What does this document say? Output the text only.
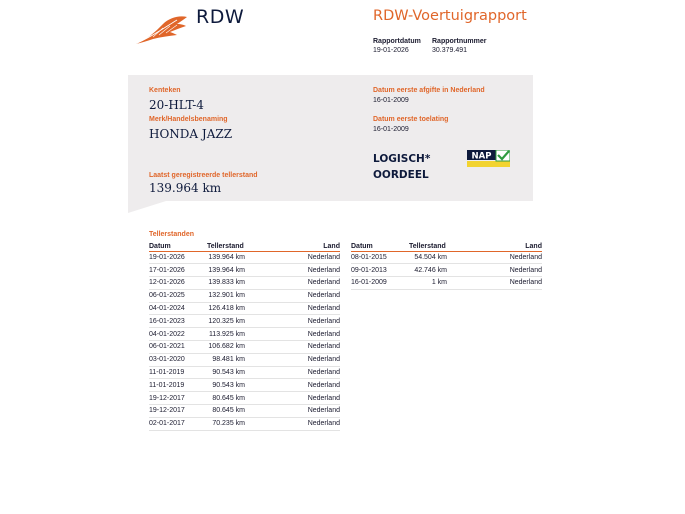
RDW	RDW-Voertuigrapport
Rapportdatum
19-01-2026
Rapportnummer
30.379.491
Kenteken
20-HLT-4
Merk/Handelsbenaming
HONDA JAZZ
Laatst geregistreerde tellerstand
139.964 km
Datum eerste afgifte in Nederland
16-01-2009
Datum eerste toelating
16-01-2009
LOGISCH*
OORDEEL
NAP
Tellerstanden
Datum	Tellerstand	Land
19-01-2026	139.964 km	Nederland
17-01-2026	139.964 km	Nederland
12-01-2026	139.833 km	Nederland
06-01-2025	132.901 km	Nederland
04-01-2024	126.418 km	Nederland
16-01-2023	120.325 km	Nederland
04-01-2022	113.925 km	Nederland
06-01-2021	106.682 km	Nederland
03-01-2020	98.481 km	Nederland
11-01-2019	90.543 km	Nederland
11-01-2019	90.543 km	Nederland
19-12-2017	80.645 km	Nederland
19-12-2017	80.645 km	Nederland
02-01-2017	70.235 km	Nederland
Datum	Tellerstand	Land
08-01-2015	54.504 km	Nederland
09-01-2013	42.746 km	Nederland
16-01-2009	1 km	Nederland
